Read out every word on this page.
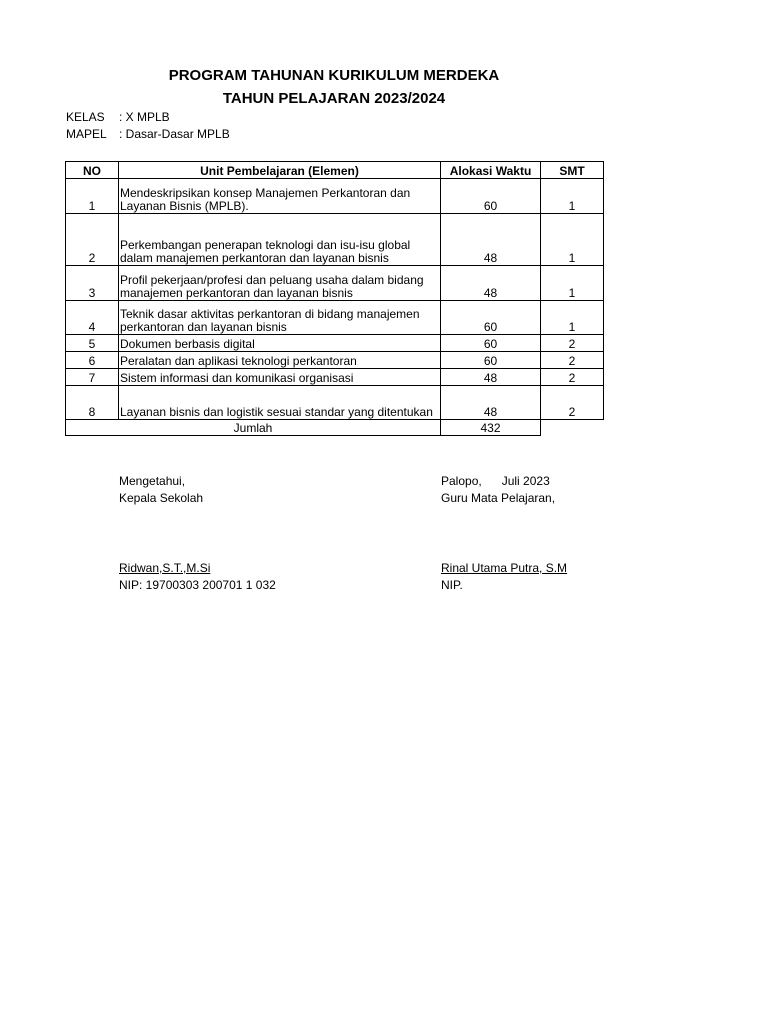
PROGRAM TAHUNAN KURIKULUM MERDEKA
TAHUN PELAJARAN 2023/2024
KELAS : X MPLB
MAPEL : Dasar-Dasar MPLB
NO	Unit Pembelajaran (Elemen)	Alokasi Waktu	SMT
1	Mendeskripsikan konsep Manajemen Perkantoran dan Layanan Bisnis (MPLB).	60	1
2	Perkembangan penerapan teknologi dan isu-isu global dalam manajemen perkantoran dan layanan bisnis	48	1
3	Profil pekerjaan/profesi dan peluang usaha dalam bidang manajemen perkantoran dan layanan bisnis	48	1
4	Teknik dasar aktivitas perkantoran di bidang manajemen perkantoran dan layanan bisnis	60	1
5	Dokumen berbasis digital	60	2
6	Peralatan dan aplikasi teknologi perkantoran	60	2
7	Sistem informasi dan komunikasi organisasi	48	2
8	Layanan bisnis dan logistik sesuai standar yang ditentukan	48	2
Jumlah		432	
Mengetahui,
Kepala Sekolah
Ridwan,S.T.,M.Si
NIP: 19700303 200701 1 032
Palopo,      Juli 2023
Guru Mata Pelajaran,
Rinal Utama Putra, S.M
NIP.
